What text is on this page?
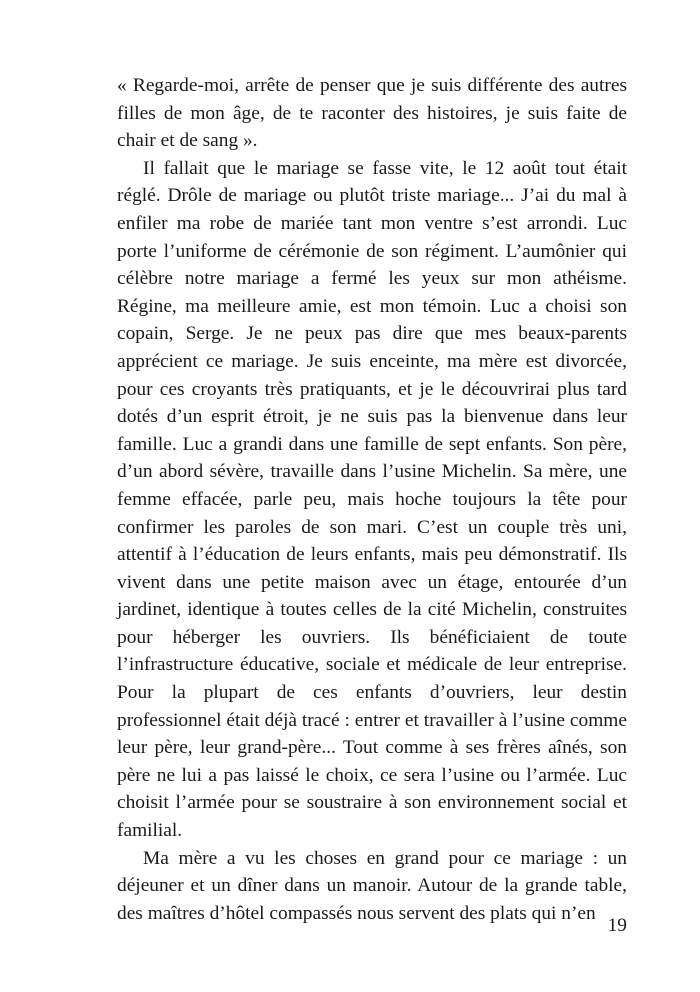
« Regarde-moi, arrête de penser que je suis différente des autres filles de mon âge, de te raconter des histoires, je suis faite de chair et de sang ».

Il fallait que le mariage se fasse vite, le 12 août tout était réglé. Drôle de mariage ou plutôt triste mariage... J’ai du mal à enfiler ma robe de mariée tant mon ventre s’est arrondi. Luc porte l’uniforme de cérémonie de son régiment. L’aumônier qui célèbre notre mariage a fermé les yeux sur mon athéisme. Régine, ma meilleure amie, est mon témoin. Luc a choisi son copain, Serge. Je ne peux pas dire que mes beaux-parents apprécient ce mariage. Je suis enceinte, ma mère est divorcée, pour ces croyants très pratiquants, et je le découvrirai plus tard dotés d’un esprit étroit, je ne suis pas la bienvenue dans leur famille. Luc a grandi dans une famille de sept enfants. Son père, d’un abord sévère, travaille dans l’usine Michelin. Sa mère, une femme effacée, parle peu, mais hoche toujours la tête pour confirmer les paroles de son mari. C’est un couple très uni, attentif à l’éducation de leurs enfants, mais peu démonstratif. Ils vivent dans une petite maison avec un étage, entourée d’un jardinet, identique à toutes celles de la cité Michelin, construites pour héberger les ouvriers. Ils bénéficiaient de toute l’infrastructure éducative, sociale et médicale de leur entreprise. Pour la plupart de ces enfants d’ouvriers, leur destin professionnel était déjà tracé : entrer et travailler à l’usine comme leur père, leur grand-père... Tout comme à ses frères aînés, son père ne lui a pas laissé le choix, ce sera l’usine ou l’armée. Luc choisit l’armée pour se soustraire à son environnement social et familial.

Ma mère a vu les choses en grand pour ce mariage : un déjeuner et un dîner dans un manoir. Autour de la grande table, des maîtres d’hôtel compassés nous servent des plats qui n’en

19
